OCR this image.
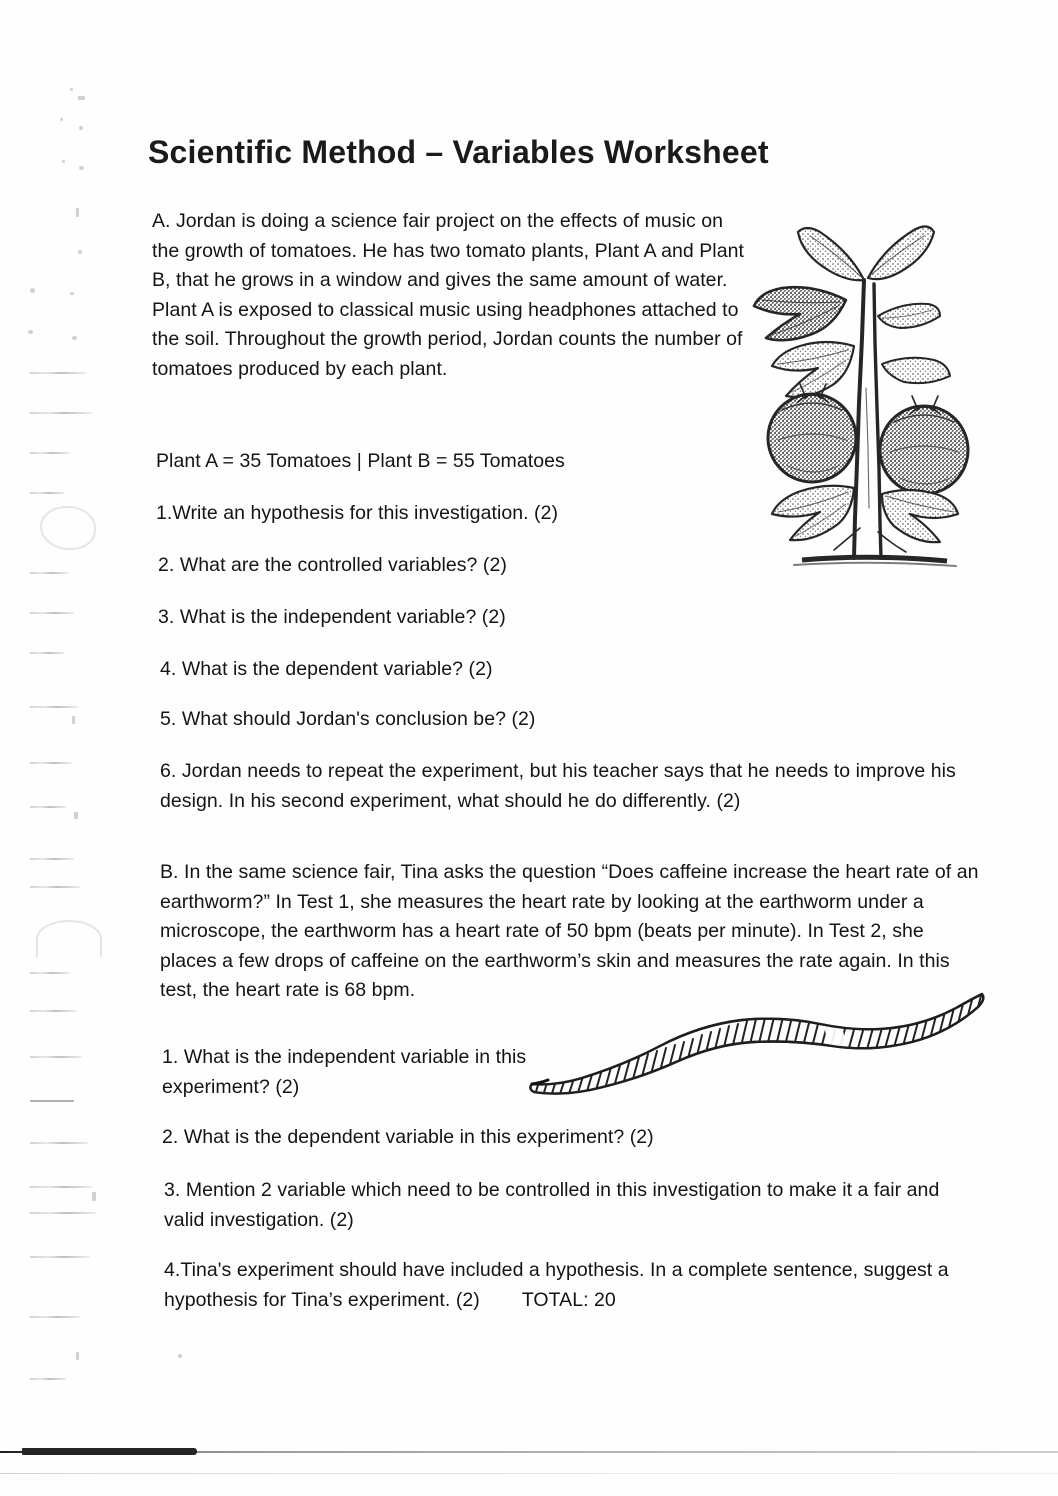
Scientific Method – Variables Worksheet
A. Jordan is doing a science fair project on the effects of music on the growth of tomatoes. He has two tomato plants, Plant A and Plant B, that he grows in a window and gives the same amount of water. Plant A is exposed to classical music using headphones attached to the soil. Throughout the growth period, Jordan counts the number of tomatoes produced by each plant.
Plant A = 35 Tomatoes | Plant B = 55 Tomatoes
1.Write an hypothesis for this investigation. (2)
2. What are the controlled variables? (2)
3. What is the independent variable? (2)
4. What is the dependent variable? (2)
5. What should Jordan's conclusion be? (2)
6. Jordan needs to repeat the experiment, but his teacher says that he needs to improve his design. In his second experiment, what should he do differently. (2)
B. In the same science fair, Tina asks the question “Does caffeine increase the heart rate of an earthworm?” In Test 1, she measures the heart rate by looking at the earthworm under a microscope, the earthworm has a heart rate of 50 bpm (beats per minute). In Test 2, she places a few drops of caffeine on the earthworm’s skin and measures the rate again. In this test, the heart rate is 68 bpm.
1. What is the independent variable in this experiment? (2)
2. What is the dependent variable in this experiment? (2)
3. Mention 2 variable which need to be controlled in this investigation to make it a fair and valid investigation. (2)
4.Tina's experiment should have included a hypothesis. In a complete sentence, suggest a hypothesis for Tina’s experiment. (2) TOTAL: 20
